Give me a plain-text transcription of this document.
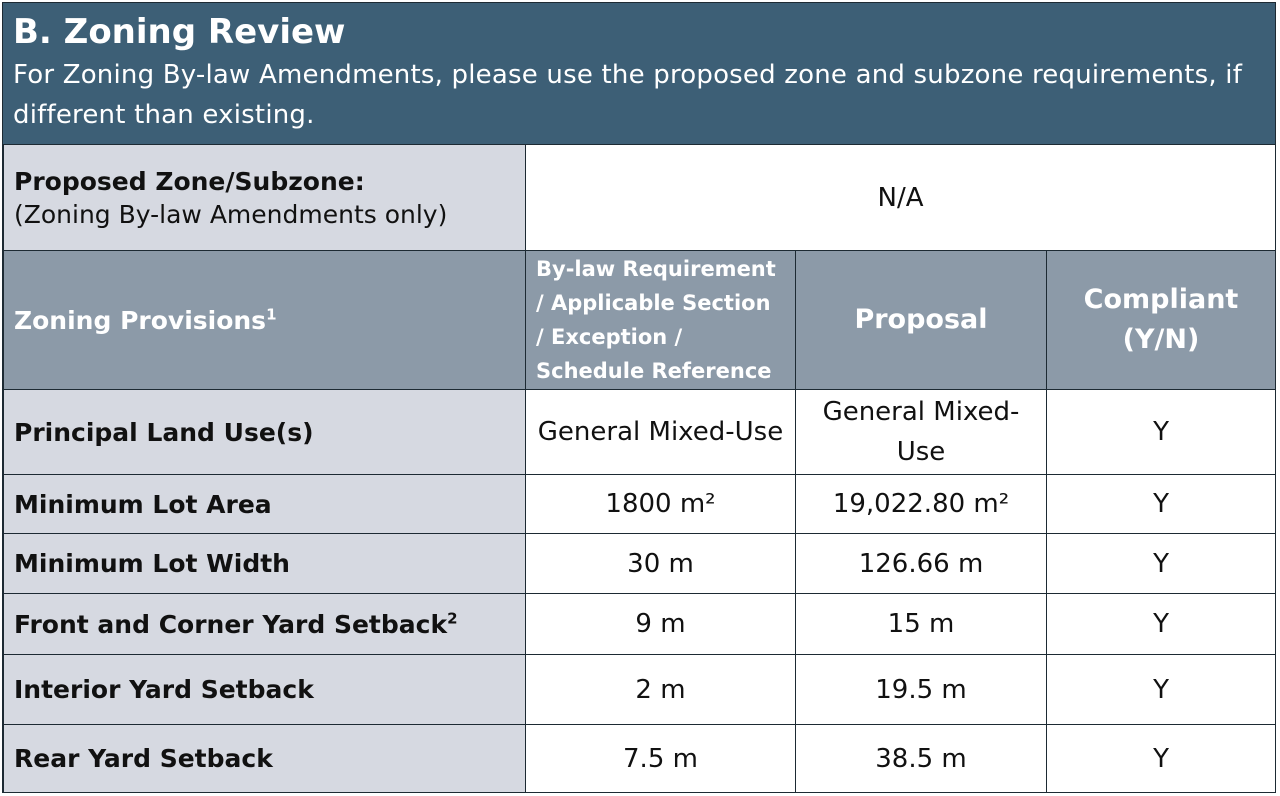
B. Zoning Review

For Zoning By-law Amendments, please use the proposed zone and subzone requirements, if different than existing.

Proposed Zone/Subzone:
(Zoning By-law Amendments only)	N/A		
Zoning Provisions$^1$	By-law Requirement / Applicable Section / Exception / Schedule Reference	Proposal	Compliant (Y/N)
Principal Land Use(s)	General Mixed-Use	General Mixed-Use	Y
Minimum Lot Area	1800 m²	19,022.80 m²	Y
Minimum Lot Width	30 m	126.66 m	Y
Front and Corner Yard Setback$^2$	9 m	15 m	Y
Interior Yard Setback	2 m	19.5 m	Y
Rear Yard Setback	7.5 m	38.5 m	Y
